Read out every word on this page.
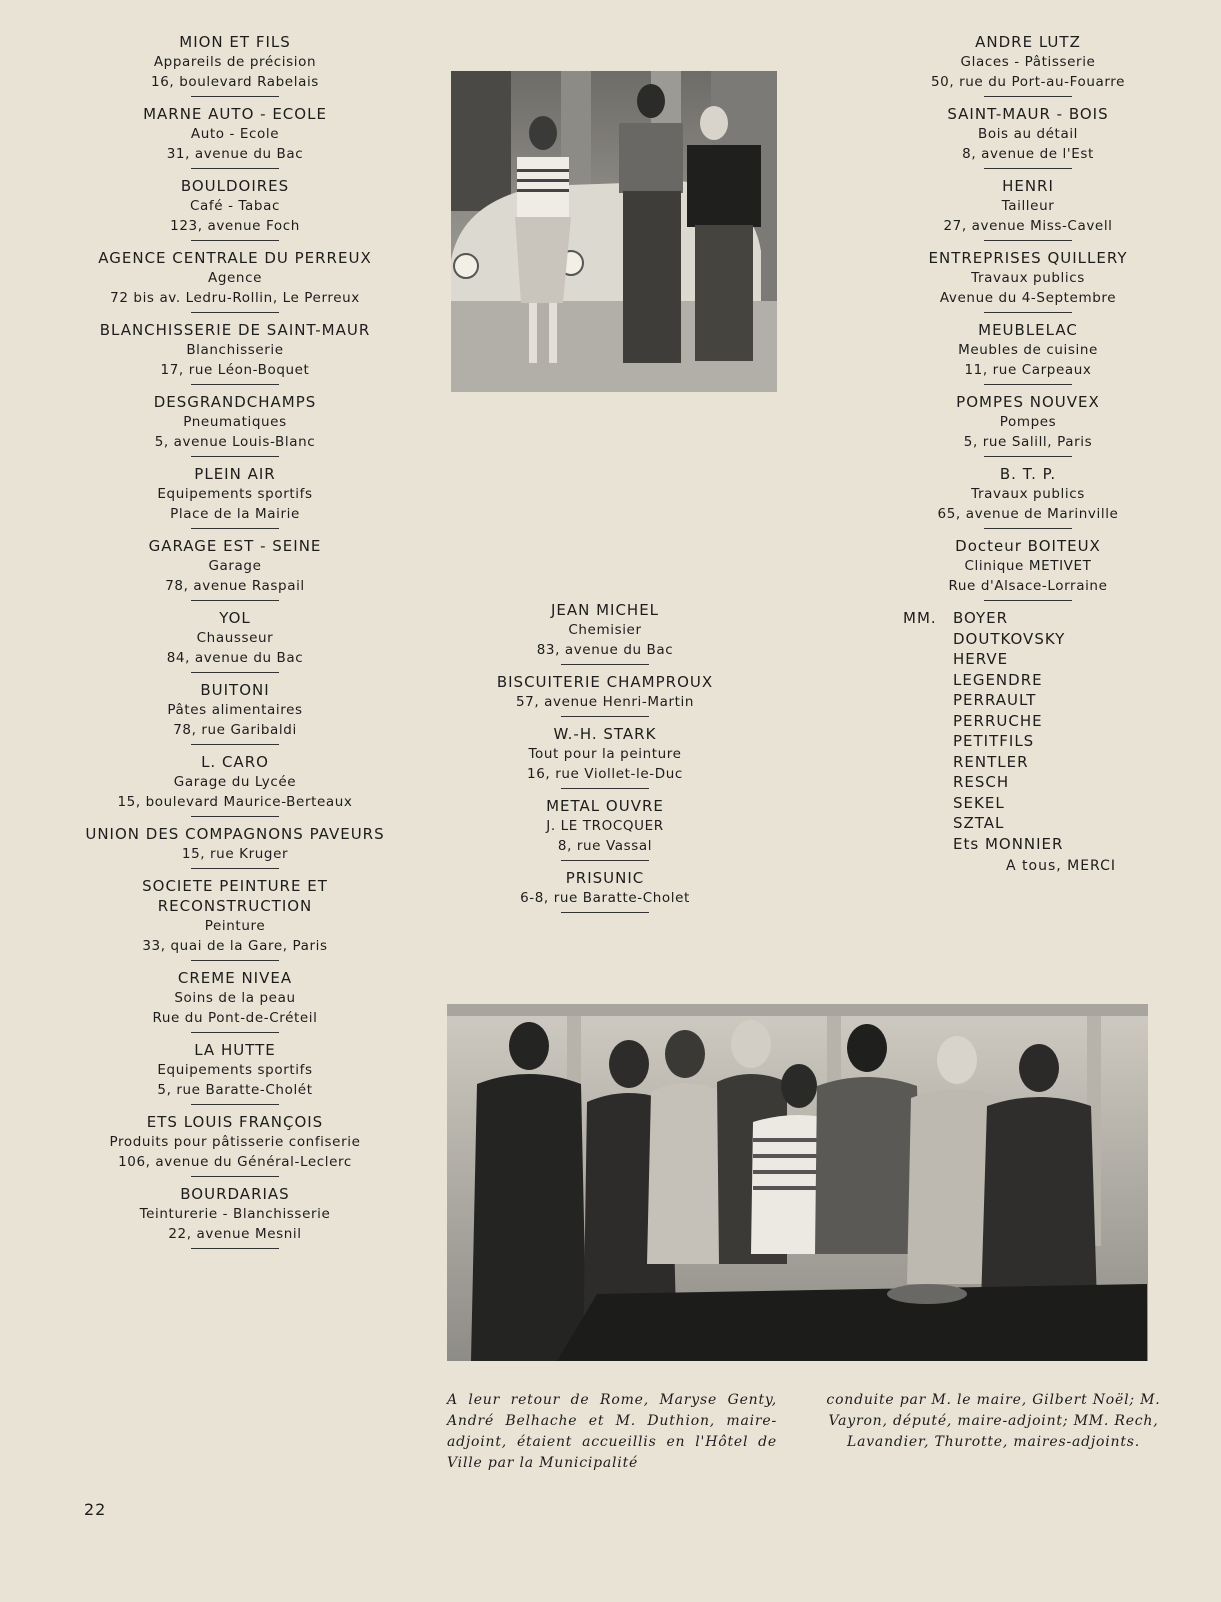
MION ET FILS
Appareils de précision
16, boulevard Rabelais
MARNE AUTO - ECOLE
Auto - Ecole
31, avenue du Bac
BOULDOIRES
Café - Tabac
123, avenue Foch
AGENCE CENTRALE DU PERREUX
Agence
72 bis av. Ledru-Rollin, Le Perreux
BLANCHISSERIE DE SAINT-MAUR
Blanchisserie
17, rue Léon-Boquet
DESGRANDCHAMPS
Pneumatiques
5, avenue Louis-Blanc
PLEIN AIR
Equipements sportifs
Place de la Mairie
GARAGE EST - SEINE
Garage
78, avenue Raspail
YOL
Chausseur
84, avenue du Bac
BUITONI
Pâtes alimentaires
78, rue Garibaldi
L. CARO
Garage du Lycée
15, boulevard Maurice-Berteaux
UNION DES COMPAGNONS PAVEURS
15, rue Kruger
SOCIETE PEINTURE ET RECONSTRUCTION
Peinture
33, quai de la Gare, Paris
CREME NIVEA
Soins de la peau
Rue du Pont-de-Créteil
LA HUTTE
Equipements sportifs
5, rue Baratte-Cholét
ETS LOUIS FRANÇOIS
Produits pour pâtisserie confiserie
106, avenue du Général-Leclerc
BOURDARIAS
Teinturerie - Blanchisserie
22, avenue Mesnil
JEAN MICHEL
Chemisier
83, avenue du Bac
BISCUITERIE CHAMPROUX
57, avenue Henri-Martin
W.-H. STARK
Tout pour la peinture
16, rue Viollet-le-Duc
METAL OUVRE
J. LE TROCQUER
8, rue Vassal
PRISUNIC
6-8, rue Baratte-Cholet
ANDRE LUTZ
Glaces - Pâtisserie
50, rue du Port-au-Fouarre
SAINT-MAUR - BOIS
Bois au détail
8, avenue de l'Est
HENRI
Tailleur
27, avenue Miss-Cavell
ENTREPRISES QUILLERY
Travaux publics
Avenue du 4-Septembre
MEUBLELAC
Meubles de cuisine
11, rue Carpeaux
POMPES NOUVEX
Pompes
5, rue Salill, Paris
B. T. P.
Travaux publics
65, avenue de Marinville
Docteur BOITEUX
Clinique METIVET
Rue d'Alsace-Lorraine
MM. BOYER
DOUTKOVSKY
HERVE
LEGENDRE
PERRAULT
PERRUCHE
PETITFILS
RENTLER
RESCH
SEKEL
SZTAL
Ets MONNIER
A tous, MERCI
A leur retour de Rome, Maryse Genty, André Belhache et M. Duthion, maire-adjoint, étaient accueillis en l'Hôtel de Ville par la Municipalité
conduite par M. le maire, Gilbert Noël; M. Vayron, député, maire-adjoint; MM. Rech, Lavandier, Thurotte, maires-adjoints.
22
